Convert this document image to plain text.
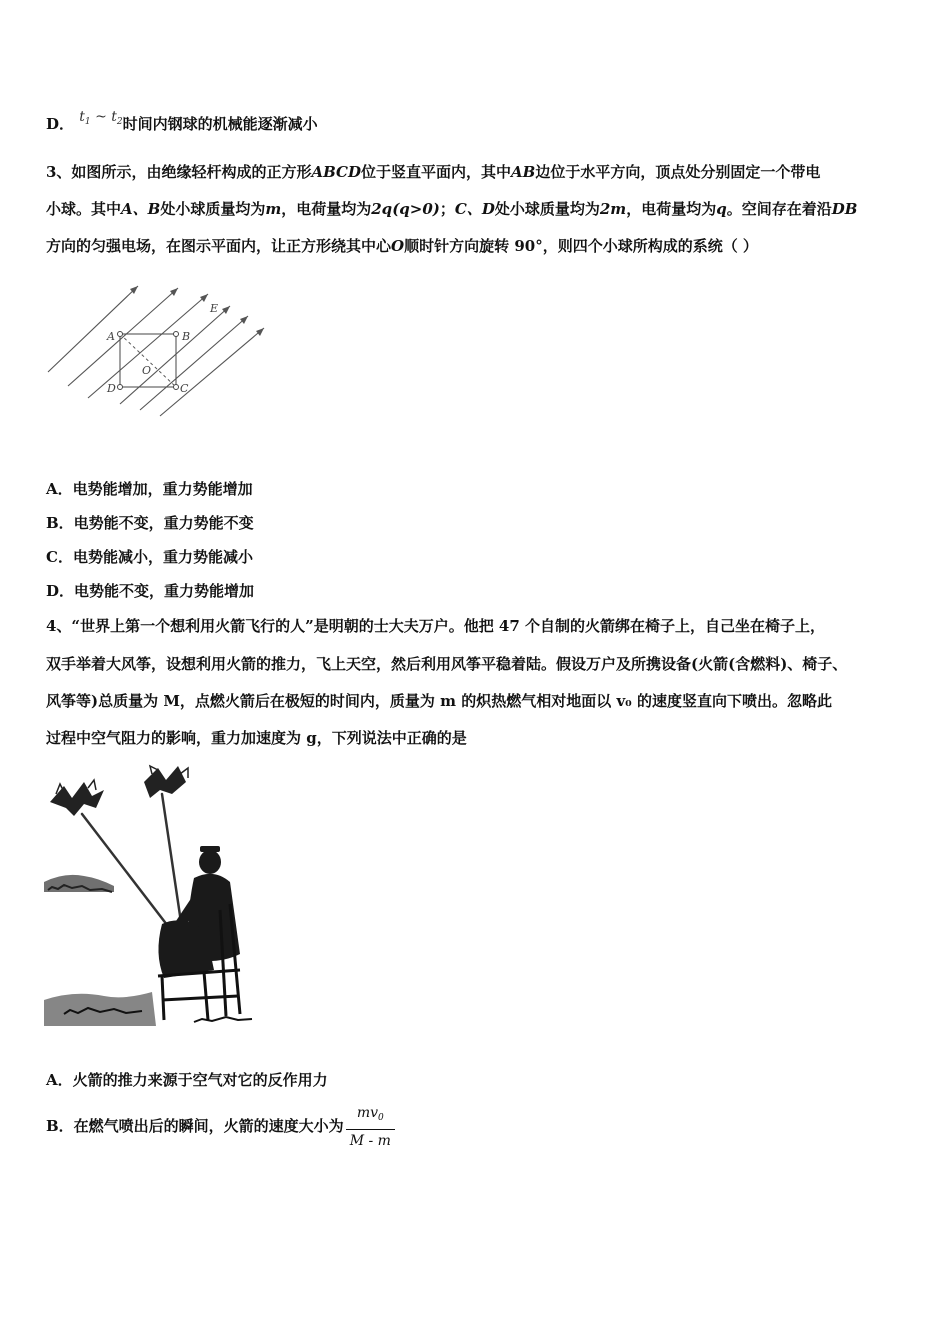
D． $t_1$ ~ $t_2$时间内钢球的机械能逐渐减小
3、如图所示，由绝缘轻杆构成的正方形ABCD位于竖直平面内，其中AB边位于水平方向，顶点处分别固定一个带电
小球。其中A、B处小球质量均为m，电荷量均为2q(q>0)；C、D处小球质量均为2m，电荷量均为q。空间存在着沿DB
方向的匀强电场，在图示平面内，让正方形绕其中心O顺时针方向旋转 90°，则四个小球所构成的系统（ ）
E
A	B
C
D
O
A．电势能增加，重力势能增加
B．电势能不变，重力势能不变
C．电势能减小，重力势能减小
D．电势能不变，重力势能增加
4、“世界上第一个想利用火箭飞行的人”是明朝的士大夫万户。他把 47 个自制的火箭绑在椅子上，自己坐在椅子上，
双手举着大风筝，设想利用火箭的推力，飞上天空，然后利用风筝平稳着陆。假设万户及所携设备(火箭(含燃料)、椅子、
风筝等)总质量为 M，点燃火箭后在极短的时间内，质量为 m 的炽热燃气相对地面以 v₀ 的速度竖直向下喷出。忽略此
过程中空气阻力的影响，重力加速度为 g，下列说法中正确的是
A．火箭的推力来源于空气对它的反作用力
B．在燃气喷出后的瞬间，火箭的速度大小为 $\frac{mv_0}{M - m}$
